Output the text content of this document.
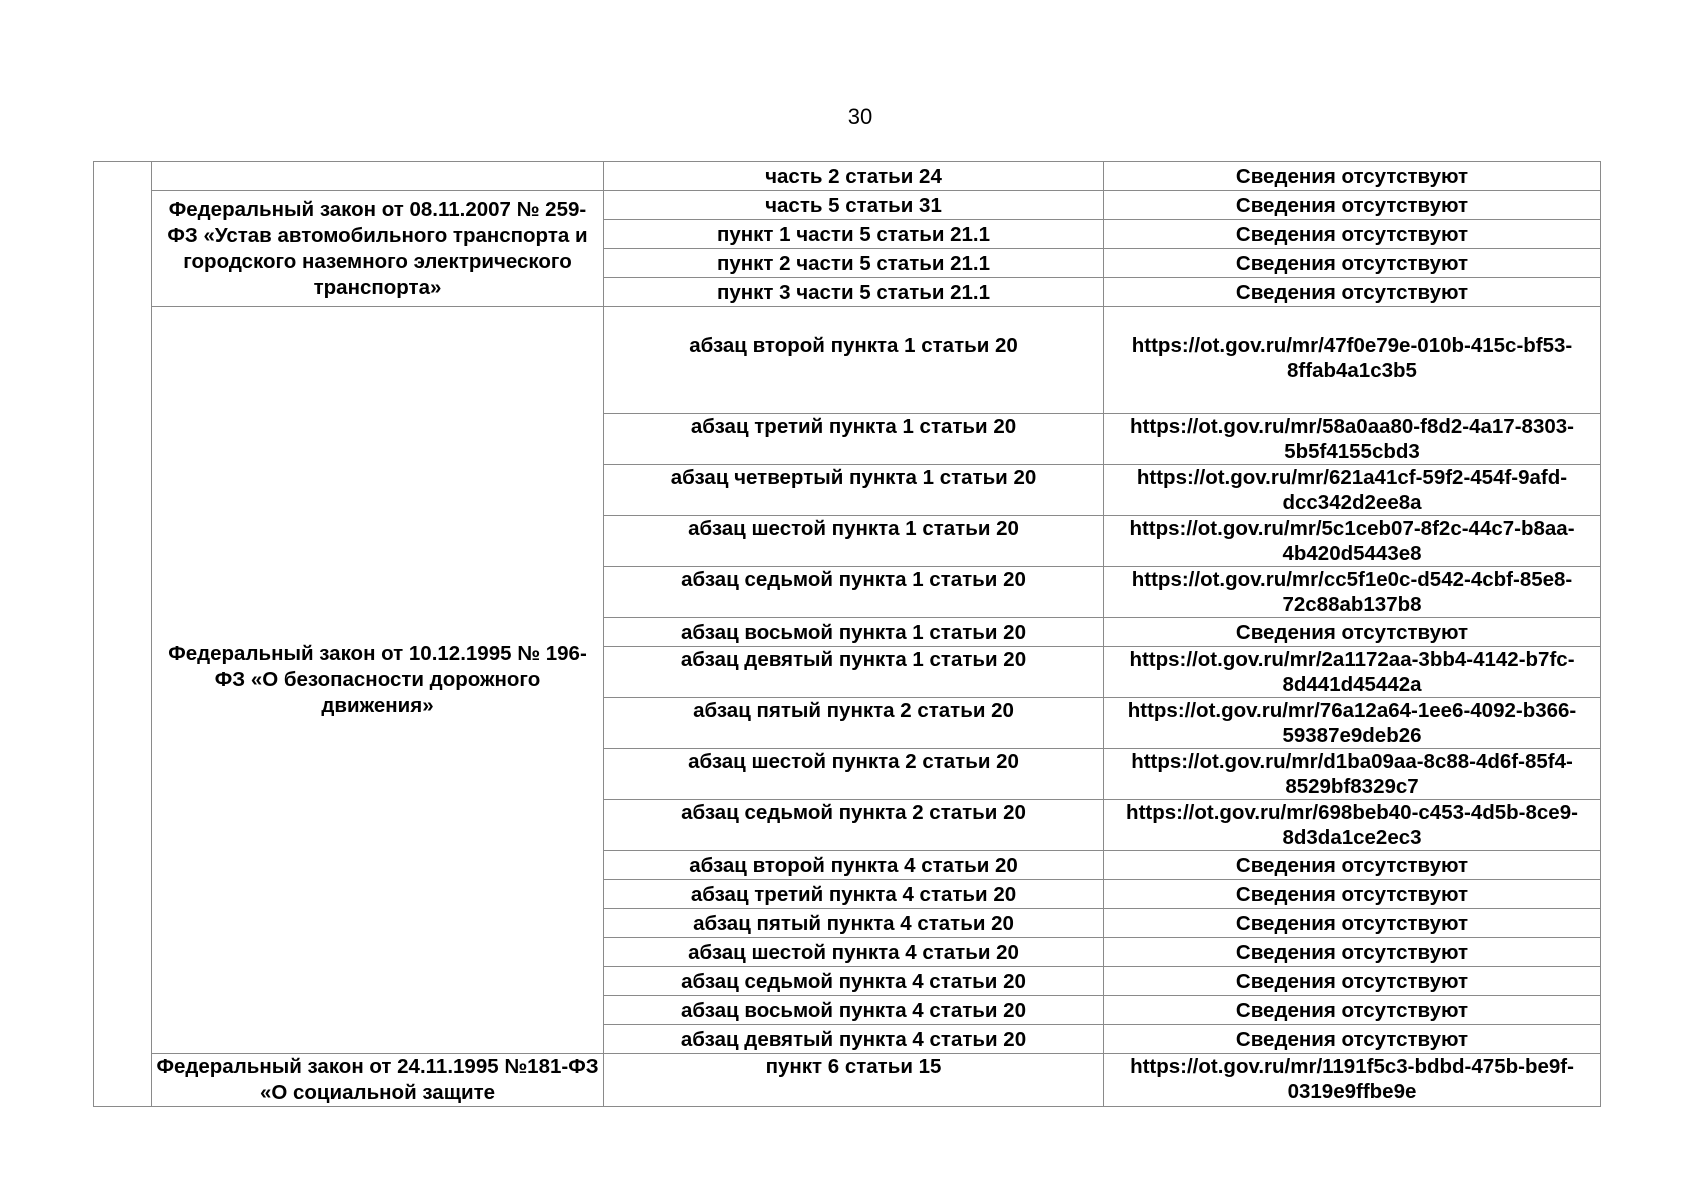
30
		часть 2 статьи 24	Сведения отсутствуют
	Федеральный закон от 08.11.2007 № 259-ФЗ «Устав автомобильного транспорта и городского наземного электрического транспорта»	часть 5 статьи 31	Сведения отсутствуют
		пункт 1 части 5 статьи 21.1	Сведения отсутствуют
		пункт 2 части 5 статьи 21.1	Сведения отсутствуют
		пункт 3 части 5 статьи 21.1	Сведения отсутствуют
	Федеральный закон от 10.12.1995 № 196-ФЗ «О безопасности дорожного движения»	абзац второй пункта 1 статьи 20	https://ot.gov.ru/mr/47f0e79e-010b-415c-bf53-8ffab4a1c3b5
		абзац третий пункта 1 статьи 20	https://ot.gov.ru/mr/58a0aa80-f8d2-4a17-8303-5b5f4155cbd3
		абзац четвертый пункта 1 статьи 20	https://ot.gov.ru/mr/621a41cf-59f2-454f-9afd-dcc342d2ee8a
		абзац шестой пункта 1 статьи 20	https://ot.gov.ru/mr/5c1ceb07-8f2c-44c7-b8aa-4b420d5443e8
		абзац седьмой пункта 1 статьи 20	https://ot.gov.ru/mr/cc5f1e0c-d542-4cbf-85e8-72c88ab137b8
		абзац восьмой пункта 1 статьи 20	Сведения отсутствуют
		абзац девятый пункта 1 статьи 20	https://ot.gov.ru/mr/2a1172aa-3bb4-4142-b7fc-8d441d45442a
		абзац пятый пункта 2 статьи 20	https://ot.gov.ru/mr/76a12a64-1ee6-4092-b366-59387e9deb26
		абзац шестой пункта 2 статьи 20	https://ot.gov.ru/mr/d1ba09aa-8c88-4d6f-85f4-8529bf8329c7
		абзац седьмой пункта 2 статьи 20	https://ot.gov.ru/mr/698beb40-c453-4d5b-8ce9-8d3da1ce2ec3
		абзац второй пункта 4 статьи 20	Сведения отсутствуют
		абзац третий пункта 4 статьи 20	Сведения отсутствуют
		абзац пятый пункта 4 статьи 20	Сведения отсутствуют
		абзац шестой пункта 4 статьи 20	Сведения отсутствуют
		абзац седьмой пункта 4 статьи 20	Сведения отсутствуют
		абзац восьмой пункта 4 статьи 20	Сведения отсутствуют
		абзац девятый пункта 4 статьи 20	Сведения отсутствуют
	Федеральный закон от 24.11.1995 №181-ФЗ «О социальной защите	пункт 6 статьи 15	https://ot.gov.ru/mr/1191f5c3-bdbd-475b-be9f-0319e9ffbe9e
